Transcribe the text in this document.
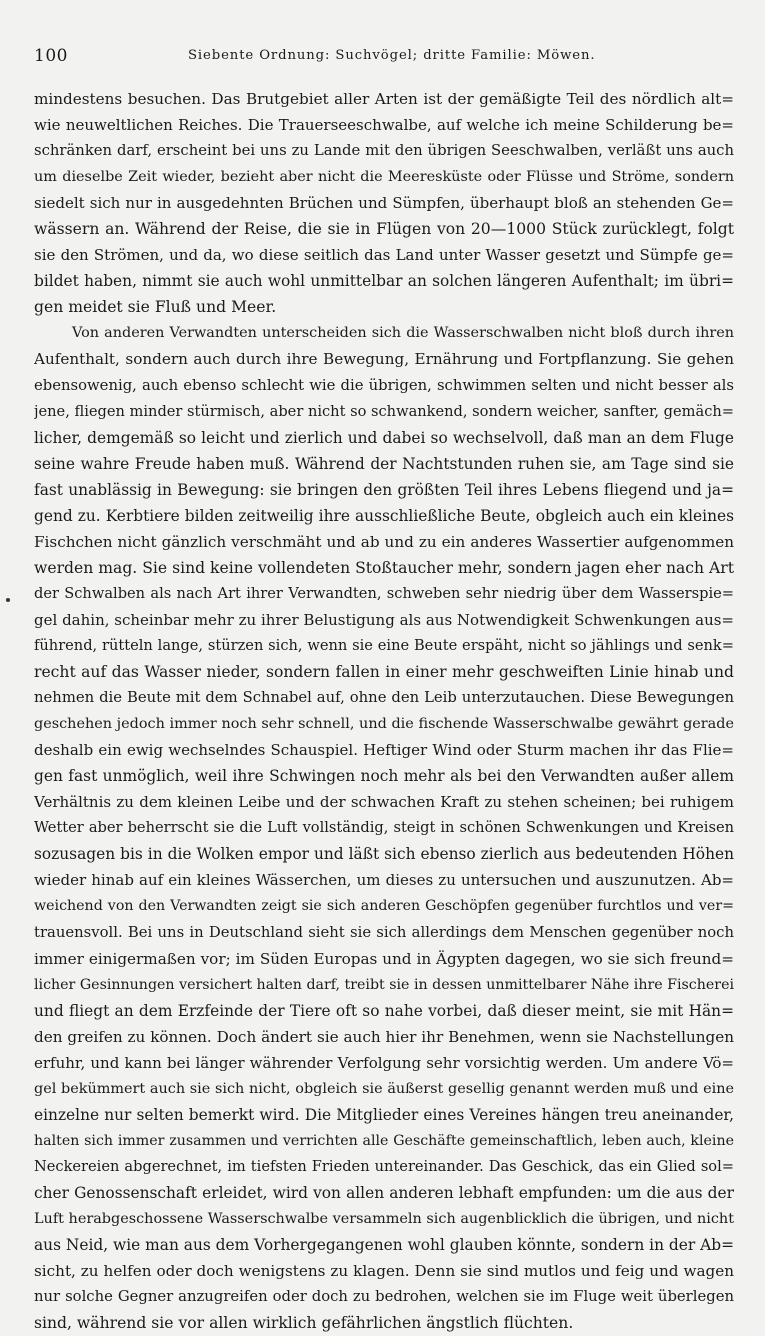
100	Siebente Ordnung: Suchvögel; dritte Familie: Möwen.
mindestens besuchen. Das Brutgebiet aller Arten ist der gemäßigte Teil des nördlich alt=
wie neuweltlichen Reiches. Die Trauerseeschwalbe, auf welche ich meine Schilderung be=
schränken darf, erscheint bei uns zu Lande mit den übrigen Seeschwalben, verläßt uns auch
um dieselbe Zeit wieder, bezieht aber nicht die Meeresküste oder Flüsse und Ströme, sondern
siedelt sich nur in ausgedehnten Brüchen und Sümpfen, überhaupt bloß an stehenden Ge=
wässern an. Während der Reise, die sie in Flügen von 20—1000 Stück zurücklegt, folgt
sie den Strömen, und da, wo diese seitlich das Land unter Wasser gesetzt und Sümpfe ge=
bildet haben, nimmt sie auch wohl unmittelbar an solchen längeren Aufenthalt; im übri=
gen meidet sie Fluß und Meer.
Von anderen Verwandten unterscheiden sich die Wasserschwalben nicht bloß durch ihren
Aufenthalt, sondern auch durch ihre Bewegung, Ernährung und Fortpflanzung. Sie gehen
ebensowenig, auch ebenso schlecht wie die übrigen, schwimmen selten und nicht besser als
jene, fliegen minder stürmisch, aber nicht so schwankend, sondern weicher, sanfter, gemäch=
licher, demgemäß so leicht und zierlich und dabei so wechselvoll, daß man an dem Fluge
seine wahre Freude haben muß. Während der Nachtstunden ruhen sie, am Tage sind sie
fast unablässig in Bewegung: sie bringen den größten Teil ihres Lebens fliegend und ja=
gend zu. Kerbtiere bilden zeitweilig ihre ausschließliche Beute, obgleich auch ein kleines
Fischchen nicht gänzlich verschmäht und ab und zu ein anderes Wassertier aufgenommen
werden mag. Sie sind keine vollendeten Stoßtaucher mehr, sondern jagen eher nach Art
der Schwalben als nach Art ihrer Verwandten, schweben sehr niedrig über dem Wasserspie=
gel dahin, scheinbar mehr zu ihrer Belustigung als aus Notwendigkeit Schwenkungen aus=
führend, rütteln lange, stürzen sich, wenn sie eine Beute erspäht, nicht so jählings und senk=
recht auf das Wasser nieder, sondern fallen in einer mehr geschweiften Linie hinab und
nehmen die Beute mit dem Schnabel auf, ohne den Leib unterzutauchen. Diese Bewegungen
geschehen jedoch immer noch sehr schnell, und die fischende Wasserschwalbe gewährt gerade
deshalb ein ewig wechselndes Schauspiel. Heftiger Wind oder Sturm machen ihr das Flie=
gen fast unmöglich, weil ihre Schwingen noch mehr als bei den Verwandten außer allem
Verhältnis zu dem kleinen Leibe und der schwachen Kraft zu stehen scheinen; bei ruhigem
Wetter aber beherrscht sie die Luft vollständig, steigt in schönen Schwenkungen und Kreisen
sozusagen bis in die Wolken empor und läßt sich ebenso zierlich aus bedeutenden Höhen
wieder hinab auf ein kleines Wässerchen, um dieses zu untersuchen und auszunutzen. Ab=
weichend von den Verwandten zeigt sie sich anderen Geschöpfen gegenüber furchtlos und ver=
trauensvoll. Bei uns in Deutschland sieht sie sich allerdings dem Menschen gegenüber noch
immer einigermaßen vor; im Süden Europas und in Ägypten dagegen, wo sie sich freund=
licher Gesinnungen versichert halten darf, treibt sie in dessen unmittelbarer Nähe ihre Fischerei
und fliegt an dem Erzfeinde der Tiere oft so nahe vorbei, daß dieser meint, sie mit Hän=
den greifen zu können. Doch ändert sie auch hier ihr Benehmen, wenn sie Nachstellungen
erfuhr, und kann bei länger währender Verfolgung sehr vorsichtig werden. Um andere Vö=
gel bekümmert auch sie sich nicht, obgleich sie äußerst gesellig genannt werden muß und eine
einzelne nur selten bemerkt wird. Die Mitglieder eines Vereines hängen treu aneinander,
halten sich immer zusammen und verrichten alle Geschäfte gemeinschaftlich, leben auch, kleine
Neckereien abgerechnet, im tiefsten Frieden untereinander. Das Geschick, das ein Glied sol=
cher Genossenschaft erleidet, wird von allen anderen lebhaft empfunden: um die aus der
Luft herabgeschossene Wasserschwalbe versammeln sich augenblicklich die übrigen, und nicht
aus Neid, wie man aus dem Vorhergegangenen wohl glauben könnte, sondern in der Ab=
sicht, zu helfen oder doch wenigstens zu klagen. Denn sie sind mutlos und feig und wagen
nur solche Gegner anzugreifen oder doch zu bedrohen, welchen sie im Fluge weit überlegen
sind, während sie vor allen wirklich gefährlichen ängstlich flüchten.
